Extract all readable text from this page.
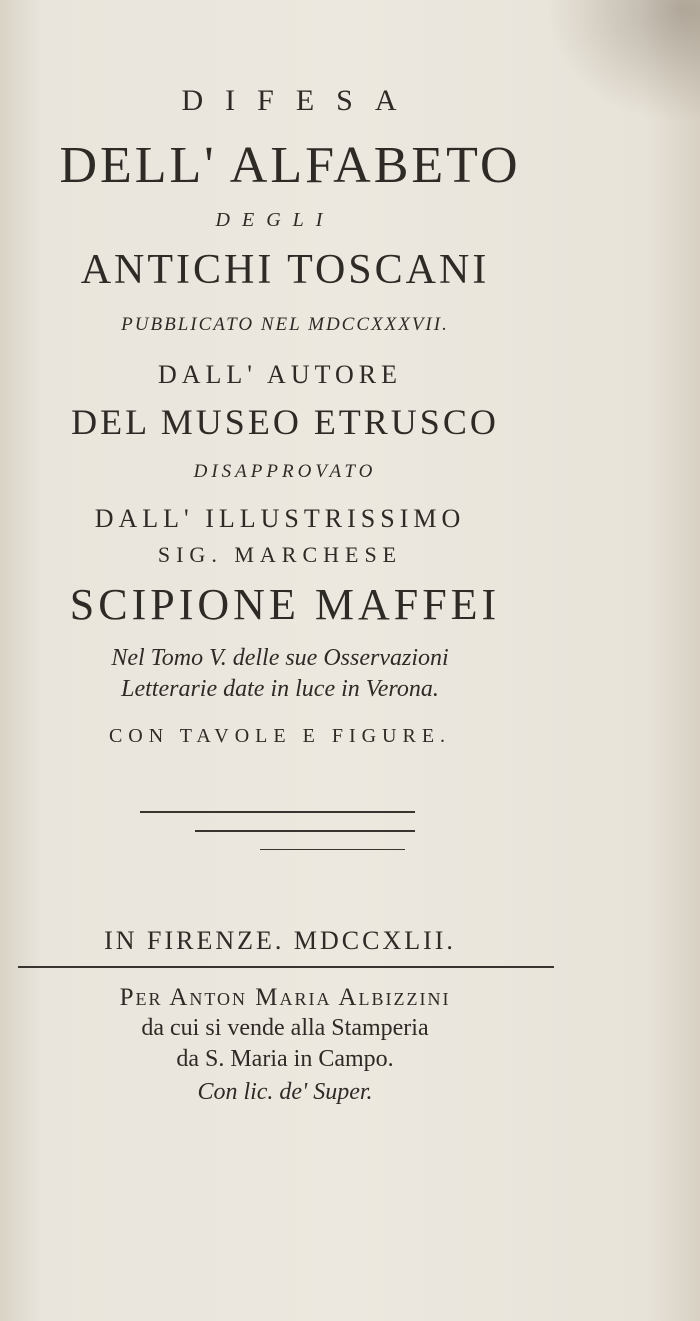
DIFESA
DELL' ALFABETO
DEGLI
ANTICHI TOSCANI
PUBBLICATO NEL MDCCXXXVII.
DALL' AUTORE
DEL MUSEO ETRUSCO
DISAPPROVATO
DALL' ILLUSTRISSIMO
SIG. MARCHESE
SCIPIONE MAFFEI
Nel Tomo V. delle sue Osservazioni
Letterarie date in luce in Verona.
CON TAVOLE E FIGURE.
IN FIRENZE. MDCCXLII.
Per Anton Maria Albizzini
da cui si vende alla Stamperia
da S. Maria in Campo.
Con lic. de' Super.
